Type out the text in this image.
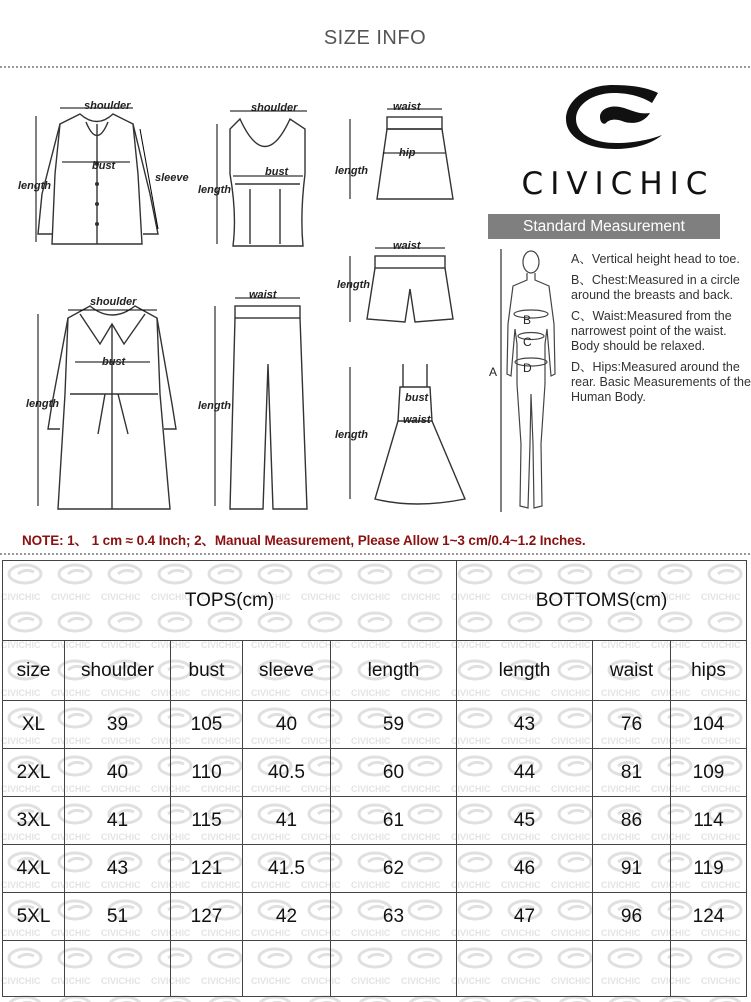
SIZE INFO
shoulder
bust
sleeve
length
shoulder
bust
length
waist
hip
length
shoulder
bust
length
waist
length
waist
length
bust
waist
length
CIVICHIC
Standard Measurement
B
C
D
A
A、Vertical height head to toe.
B、Chest:Measured in a circle around the breasts and back.
C、Waist:Measured from the narrowest point of the waist. Body should be relaxed.
D、Hips:Measured around the rear. Basic Measurements of the Human Body.
NOTE: 1、 1 cm ≈ 0.4 Inch; 2、Manual Measurement, Please Allow 1~3 cm/0.4~1.2 Inches.
TOPS(cm)					BOTTOMS(cm)		
size	shoulder	bust	sleeve	length	length	waist	hips
XL	39	105	40	59	43	76	104
2XL	40	110	40.5	60	44	81	109
3XL	41	115	41	61	45	86	114
4XL	43	121	41.5	62	46	91	119
5XL	51	127	42	63	47	96	124
